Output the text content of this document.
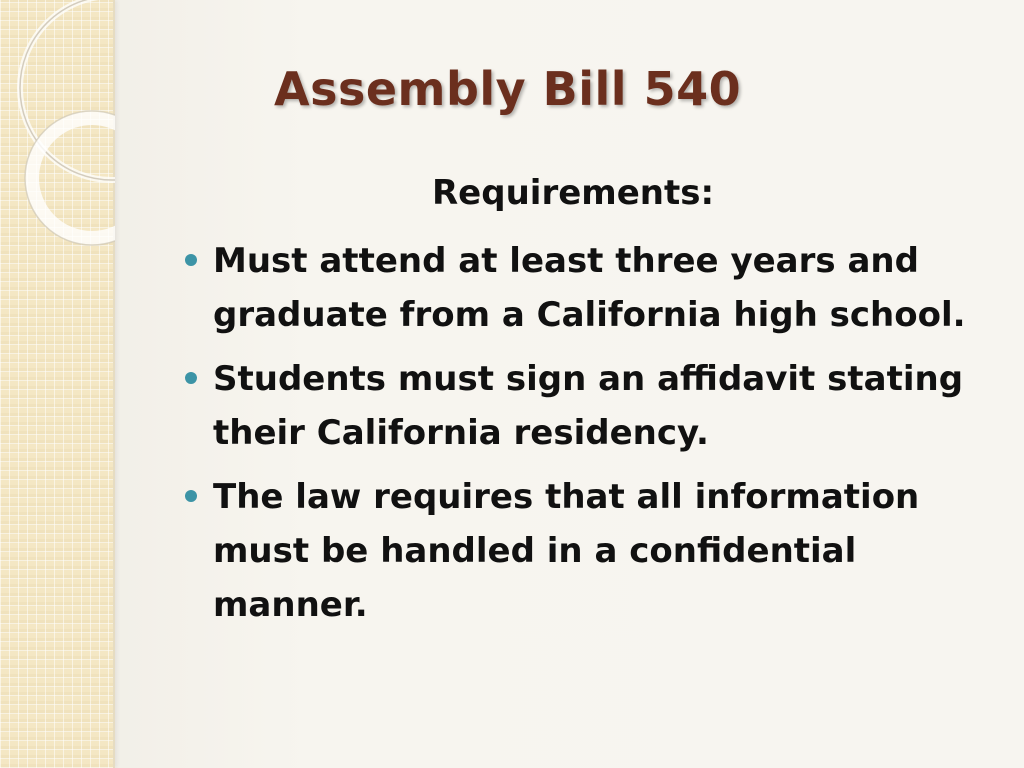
Assembly Bill 540
Requirements:
Must attend at least three years and graduate from a California high school.
Students must sign an affidavit stating their California residency.
The law requires that all information must be handled in a confidential manner.
